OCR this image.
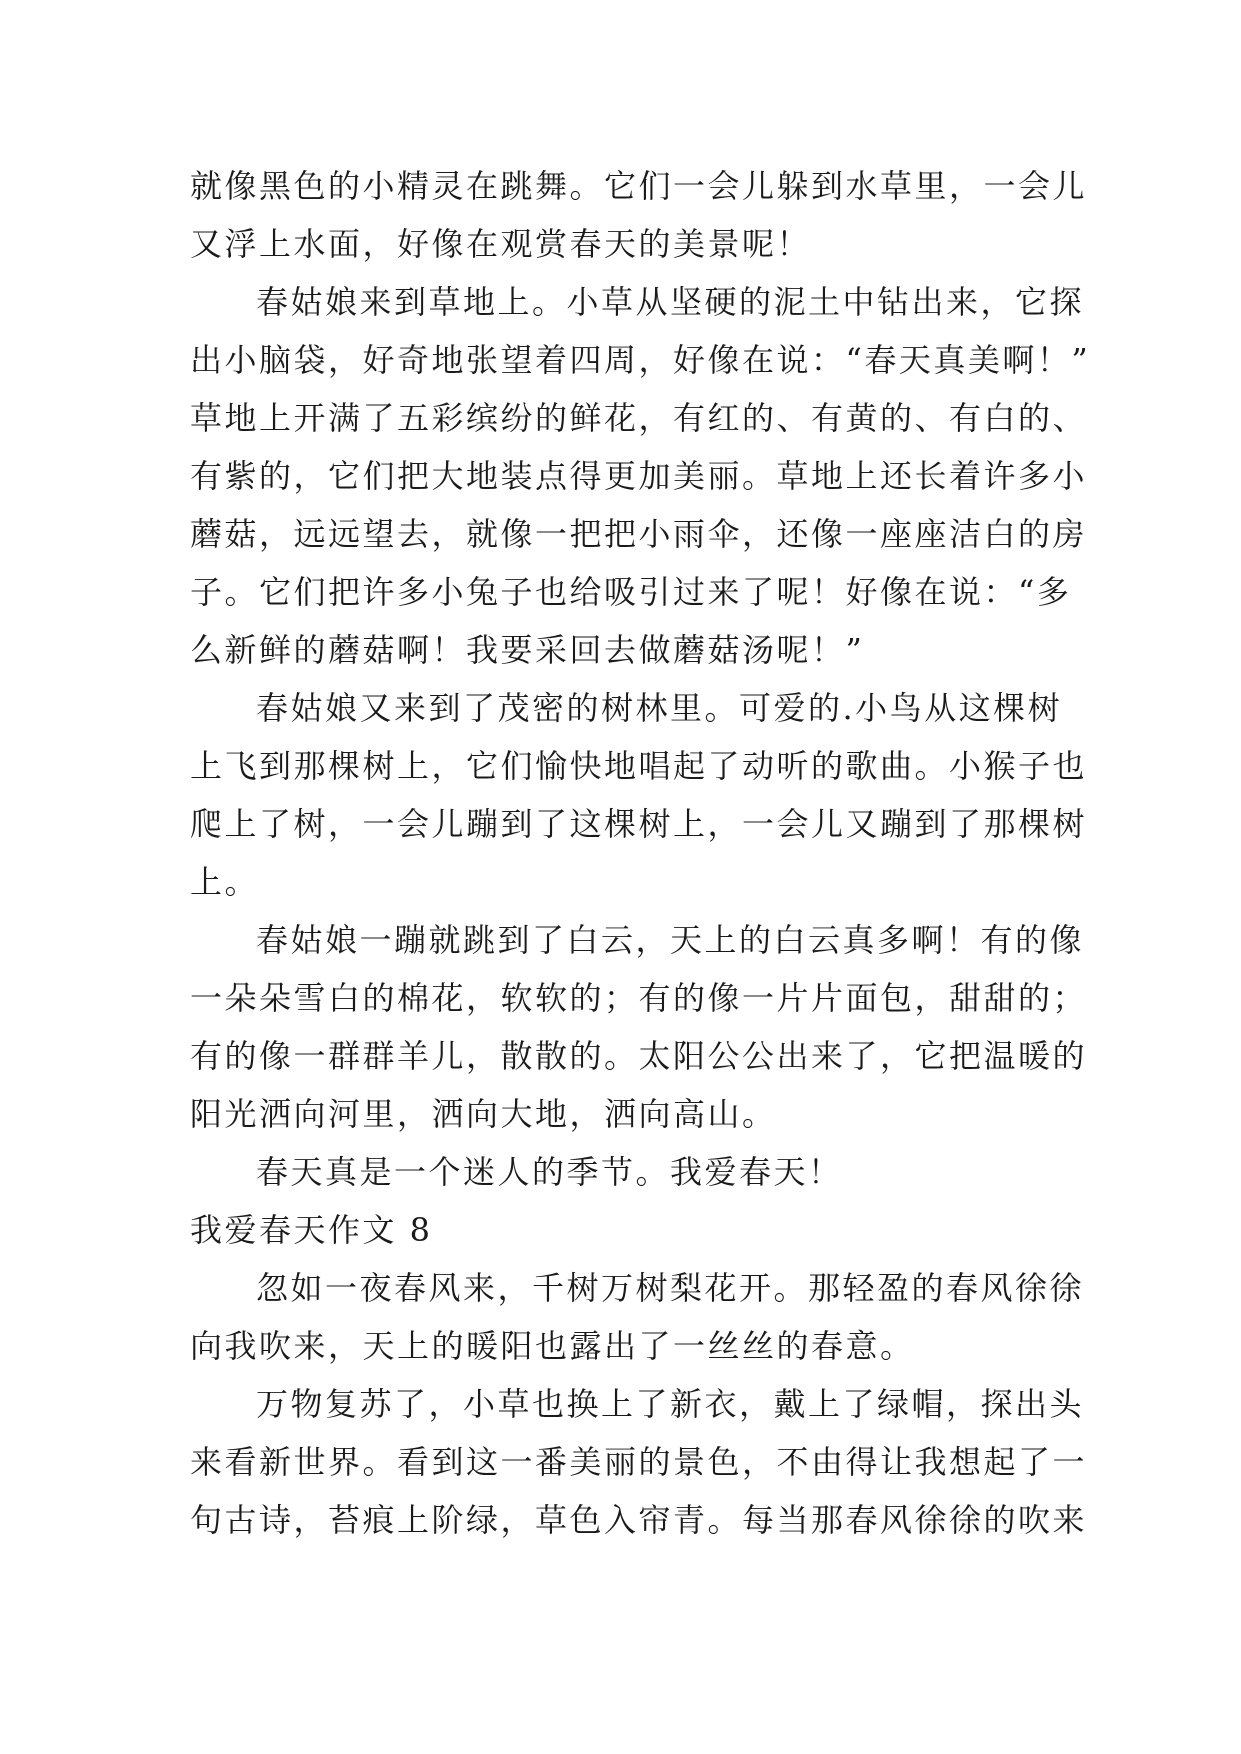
就像黑色的小精灵在跳舞。它们一会儿躲到水草里，一会儿
又浮上水面，好像在观赏春天的美景呢！
春姑娘来到草地上。小草从坚硬的泥土中钻出来，它探
出小脑袋，好奇地张望着四周，好像在说：“春天真美啊！”
草地上开满了五彩缤纷的鲜花，有红的、有黄的、有白的、
有紫的，它们把大地装点得更加美丽。草地上还长着许多小
蘑菇，远远望去，就像一把把小雨伞，还像一座座洁白的房
子。它们把许多小兔子也给吸引过来了呢！好像在说：“多
么新鲜的蘑菇啊！我要采回去做蘑菇汤呢！”
春姑娘又来到了茂密的树林里。可爱的.小鸟从这棵树
上飞到那棵树上，它们愉快地唱起了动听的歌曲。小猴子也
爬上了树，一会儿蹦到了这棵树上，一会儿又蹦到了那棵树
上。
春姑娘一蹦就跳到了白云，天上的白云真多啊！有的像
一朵朵雪白的棉花，软软的；有的像一片片面包，甜甜的；
有的像一群群羊儿，散散的。太阳公公出来了，它把温暖的
阳光洒向河里，洒向大地，洒向高山。
春天真是一个迷人的季节。我爱春天！
我爱春天作文 8
忽如一夜春风来，千树万树梨花开。那轻盈的春风徐徐
向我吹来，天上的暖阳也露出了一丝丝的春意。
万物复苏了，小草也换上了新衣，戴上了绿帽，探出头
来看新世界。看到这一番美丽的景色，不由得让我想起了一
句古诗，苔痕上阶绿，草色入帘青。每当那春风徐徐的吹来
